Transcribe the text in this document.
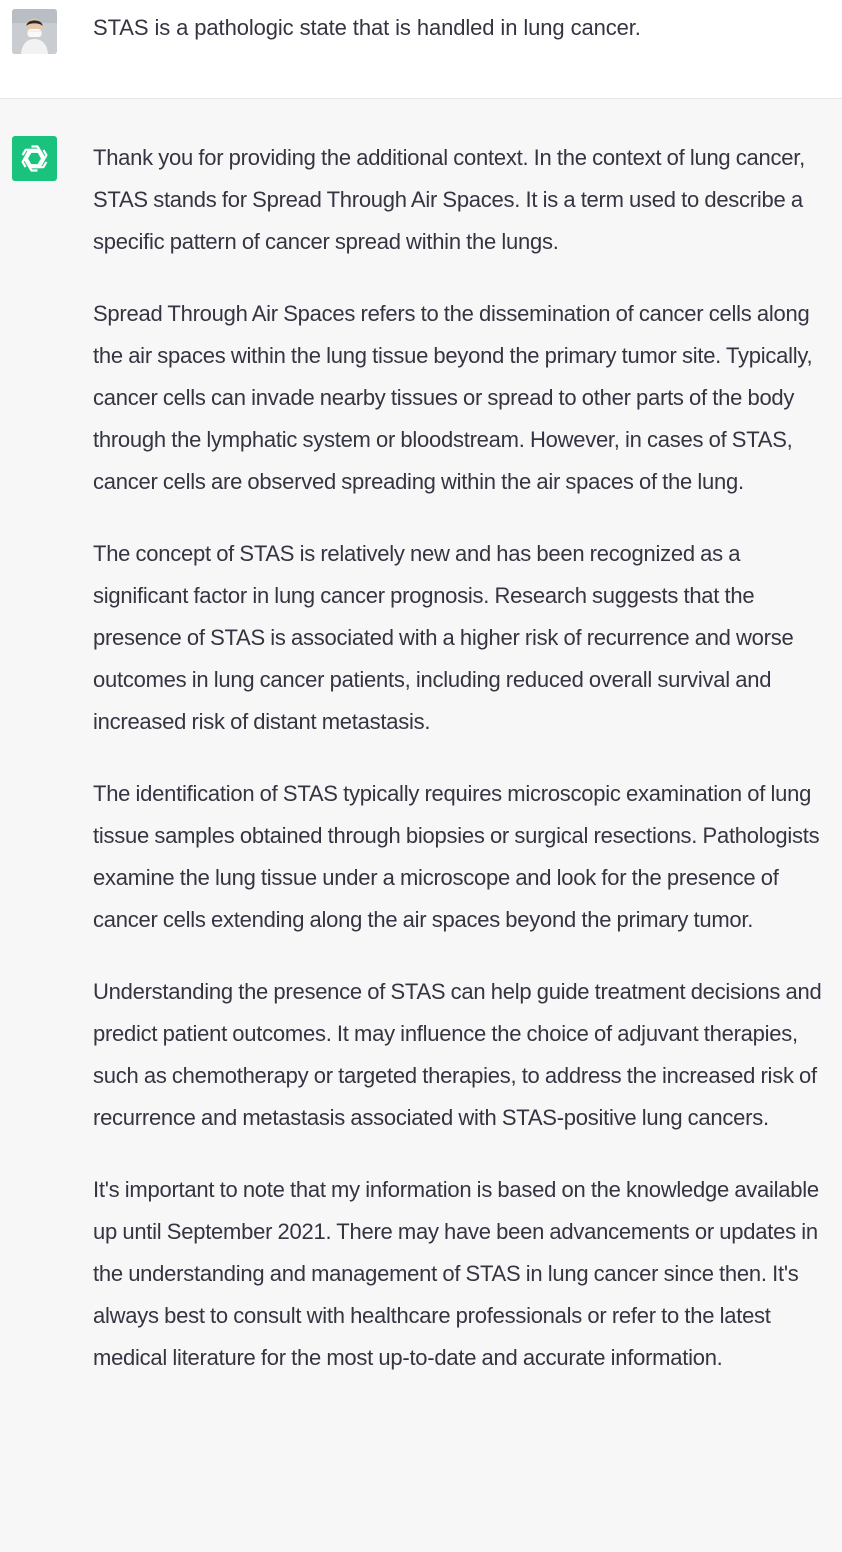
STAS is a pathologic state that is handled in lung cancer.

Thank you for providing the additional context. In the context of lung cancer, STAS stands for Spread Through Air Spaces. It is a term used to describe a specific pattern of cancer spread within the lungs.

Spread Through Air Spaces refers to the dissemination of cancer cells along the air spaces within the lung tissue beyond the primary tumor site. Typically, cancer cells can invade nearby tissues or spread to other parts of the body through the lymphatic system or bloodstream. However, in cases of STAS, cancer cells are observed spreading within the air spaces of the lung.

The concept of STAS is relatively new and has been recognized as a significant factor in lung cancer prognosis. Research suggests that the presence of STAS is associated with a higher risk of recurrence and worse outcomes in lung cancer patients, including reduced overall survival and increased risk of distant metastasis.

The identification of STAS typically requires microscopic examination of lung tissue samples obtained through biopsies or surgical resections. Pathologists examine the lung tissue under a microscope and look for the presence of cancer cells extending along the air spaces beyond the primary tumor.

Understanding the presence of STAS can help guide treatment decisions and predict patient outcomes. It may influence the choice of adjuvant therapies, such as chemotherapy or targeted therapies, to address the increased risk of recurrence and metastasis associated with STAS-positive lung cancers.

It's important to note that my information is based on the knowledge available up until September 2021. There may have been advancements or updates in the understanding and management of STAS in lung cancer since then. It's always best to consult with healthcare professionals or refer to the latest medical literature for the most up-to-date and accurate information.
